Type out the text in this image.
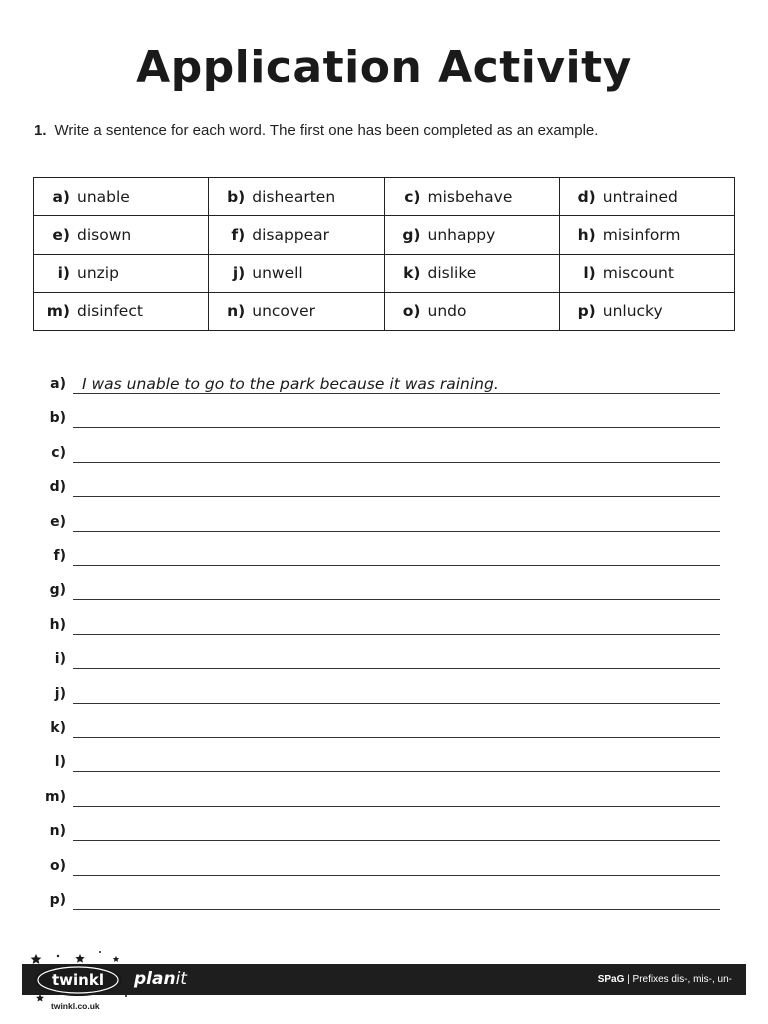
Application Activity
1. Write a sentence for each word. The first one has been completed as an example.
a) unable	b) dishearten	c) misbehave	d) untrained

e) disown	f) disappear	g) unhappy	h) misinform

i) unzip	j) unwell	k) dislike	l) miscount

m) disinfect	n) uncover	o) undo	p) unlucky
a) I was unable to go to the park because it was raining.
b)
c)
d)
e)
f)
g)
h)
i)
j)
k)
l)
m)
n)
o)
p)
twinkl
twinkl.co.uk
planit	SPaG | Prefixes dis-, mis-, un-
